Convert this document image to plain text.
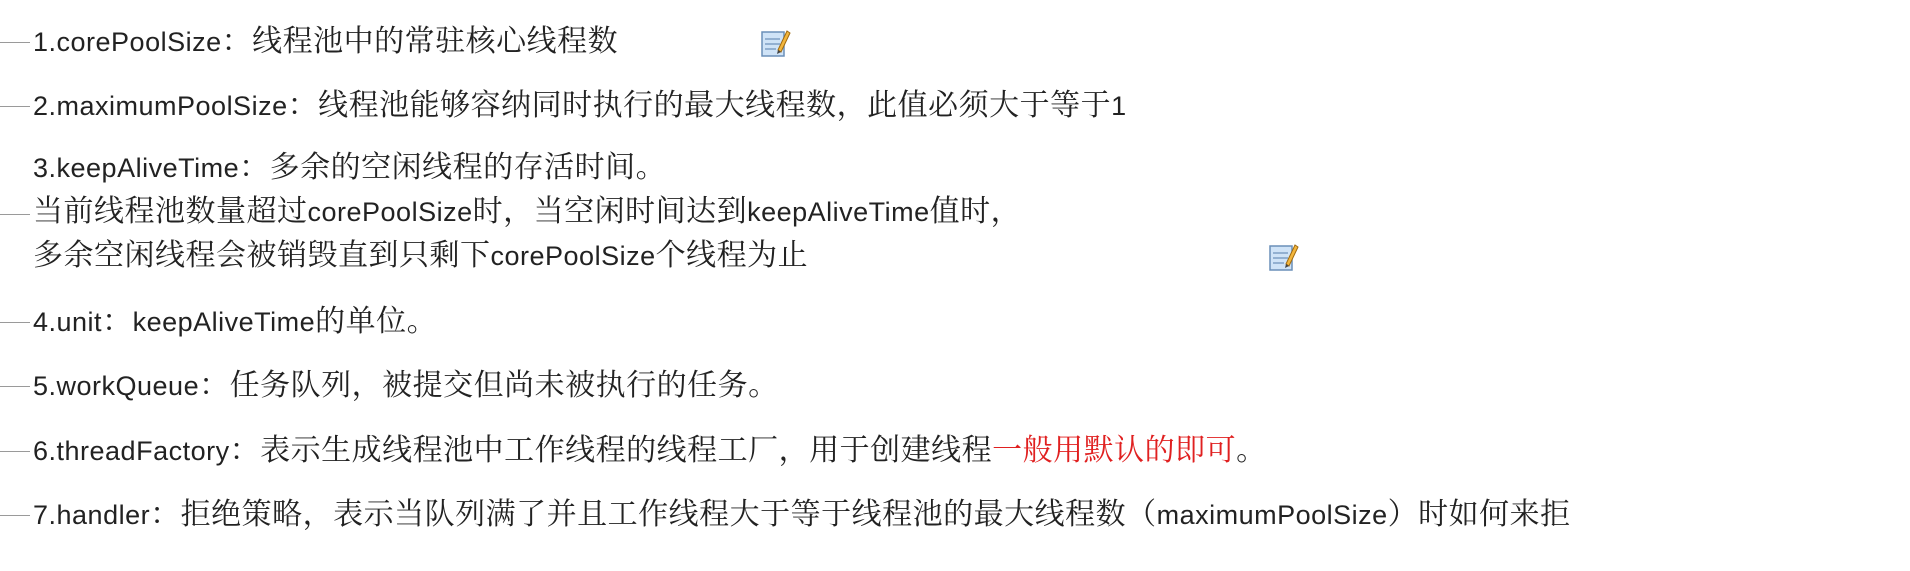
1.corePoolSize：线程池中的常驻核心线程数
2.maximumPoolSize：线程池能够容纳同时执行的最大线程数，此值必须大于等于1
3.keepAliveTime：多余的空闲线程的存活时间。
当前线程池数量超过corePoolSize时，当空闲时间达到keepAliveTime值时，
多余空闲线程会被销毁直到只剩下corePoolSize个线程为止
4.unit：keepAliveTime的单位。
5.workQueue：任务队列，被提交但尚未被执行的任务。
6.threadFactory：表示生成线程池中工作线程的线程工厂，用于创建线程一般用默认的即可。
7.handler：拒绝策略，表示当队列满了并且工作线程大于等于线程池的最大线程数（maximumPoolSize）时如何来拒
